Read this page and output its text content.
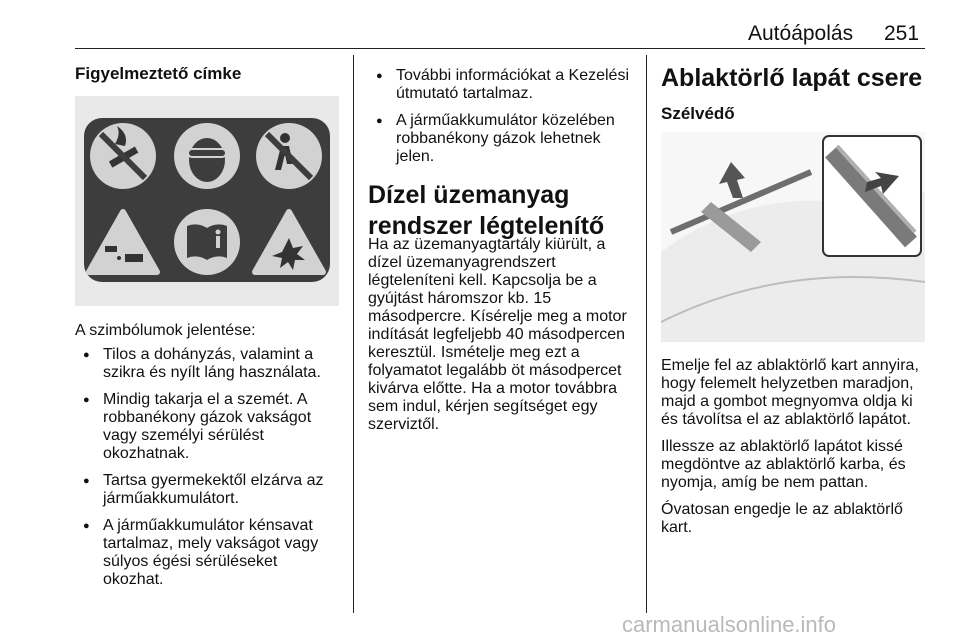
Autóápolás 251
Figyelmeztető címke
A szimbólumok jelentése:
● Tilos a dohányzás, valamint a szikra és nyílt láng használata.
● Mindig takarja el a szemét. A robbanékony gázok vakságot vagy személyi sérülést okozhatnak.
● Tartsa gyermekektől elzárva az járműakkumulátort.
● A járműakkumulátor kénsavat tartalmaz, mely vakságot vagy súlyos égési sérüléseket okozhat.
● További információkat a Kezelési útmutató tartalmaz.
● A járműakkumulátor közelében robbanékony gázok lehetnek jelen.
Dízel üzemanyag rendszer légtelenítő
Ha az üzemanyagtartály kiürült, a dízel üzemanyagrendszert légteleníteni kell. Kapcsolja be a gyújtást háromszor kb. 15 másodpercre. Kísérelje meg a motor indítását legfeljebb 40 másodpercen keresztül. Ismételje meg ezt a folyamatot legalább öt másodpercet kivárva előtte. Ha a motor továbbra sem indul, kérjen segítséget egy szerviztől.
Ablaktörlő lapát csere
Szélvédő

Emelje fel az ablaktörlő kart annyira, hogy felemelt helyzetben maradjon, majd a gombot megnyomva oldja ki és távolítsa el az ablaktörlő lapátot.

Illessze az ablaktörlő lapátot kissé megdöntve az ablaktörlő karba, és nyomja, amíg be nem pattan.

Óvatosan engedje le az ablaktörlő kart.

carmanualsonline.info
